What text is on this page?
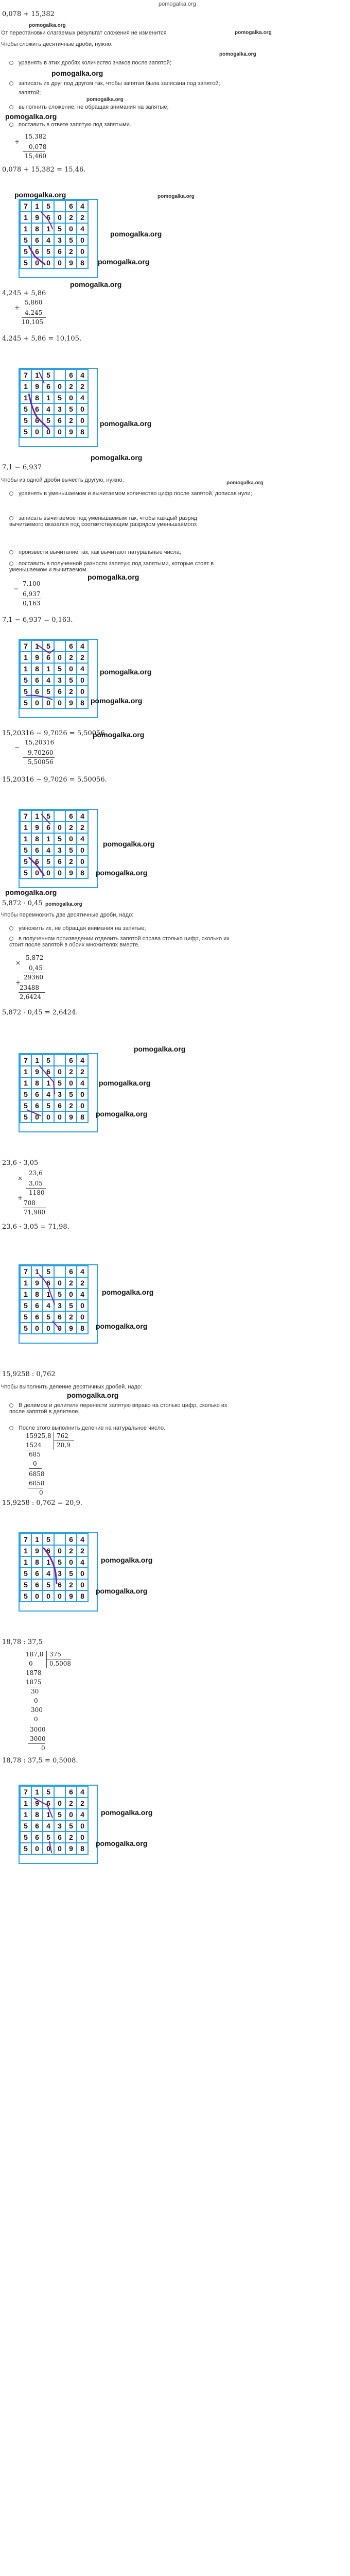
pomogalka.org
0,078 + 15,382
pomogalka.org
От перестановки слагаемых результат сложения не изменится	pomogalka.org
Чтобы сложить десятичные дроби, нужно:
pomogalka.org
уравнять в этих дробях количество знаков после запятой;
pomogalka.org
записать их друг под другом так, чтобы запятая была записана под запятой;
запятой;
pomogalka.org
выполнить сложение, не обращая внимания на запятые;
pomogalka.org
поставить в ответе запятую под запятыми.
15,382
+
0,078
15,460
0,078 + 15,382 = 15,46.
pomogalka.org	pomogalka.org
7	1	5		6	4
1	9	6	0	2	2
1	8	1	5	0	4
5	6	4	3	5	0
5	6	5	6	2	0
5	0	0	0	9	8
pomogalka.org
pomogalka.org
pomogalka.org
4,245 + 5,86
5,860
+
4,245
10,105
4,245 + 5,86 = 10,105.
7	1	5		6	4
1	9	6	0	2	2
1	8	1	5	0	4
5	6	4	3	5	0
5	6	5	6	2	0
5	0	0	0	9	8
pomogalka.org
pomogalka.org
7,1 − 6,937
Чтобы из одной дроби вычесть другую, нужно:	pomogalka.org
уравнять в уменьшаемом и вычитаемом количество цифр после запятой, дописав нули;
записать вычитаемое под уменьшаемым так, чтобы каждый разряд вычитаемого оказался под соответствующим разрядом уменьшаемого;
произвести вычитание так, как вычитают натуральные числа;
поставить в полученной разности запятую под запятыми, которые стоят в уменьшаемом и вычитаемом.
pomogalka.org
7,100
−
6,937
0,163
7,1 − 6,937 = 0,163.
7	1	5		6	4
1	9	6	0	2	2
1	8	1	5	0	4
5	6	4	3	5	0
5	6	5	6	2	0
5	0	0	0	9	8
pomogalka.org
pomogalka.org
15,20316 − 9,7026 = 5,50056
pomogalka.org
15,20316
−
9,70260
5,50056
15,20316 − 9,7026 = 5,50056.
7	1	5		6	4
1	9	6	0	2	2
1	8	1	5	0	4
5	6	4	3	5	0
5	6	5	6	2	0
5	0	0	0	9	8
pomogalka.org
pomogalka.org
pomogalka.org
5,872 · 0,45 pomogalka.org
Чтобы перемножить две десятичные дроби, надо:
умножить их, не обращая внимания на запятые;
в полученном произведении отделить запятой справа столько цифр, сколько их стоит после запятой в обоих множителях вместе.
5,872
×
0,45
29360
+
23488
2,6424
5,872 · 0,45 = 2,6424.
pomogalka.org
7	1	5		6	4
1	9	6	0	2	2
1	8	1	5	0	4
5	6	4	3	5	0
5	6	5	6	2	0
5	0	0	0	9	8
pomogalka.org
pomogalka.org
23,6 · 3,05
23,6
×
3,05
1180
+
708
71,980
23,6 · 3,05 = 71,98.
7	1	5		6	4
1	9	6	0	2	2
1	8	1	5	0	4
5	6	4	3	5	0
5	6	5	6	2	0
5	0	0	0	9	8
pomogalka.org
pomogalka.org
15,9258 : 0,762
Чтобы выполнить деление десятичных дробей, надо:
pomogalka.org
В делимом и делителе перенести запятую вправо на столько цифр, сколько их после запятой в делителе.
После этого выполнить деление на натуральное число.
15925,8 762
20,9
1524
685
0
6858
6858
0
15,9258 : 0,762 = 20,9.
7	1	5		6	4
1	9	6	0	2	2
1	8	1	5	0	4
5	6	4	3	5	0
5	6	5	6	2	0
5	0	0	0	9	8
pomogalka.org
pomogalka.org
18,78 : 37,5
187,8 375
0,5008
0
1878
1875
30
0
300
0
3000
3000
0
18,78 : 37,5 = 0,5008.
7	1	5		6	4
1	9	6	0	2	2
1	8	1	5	0	4
5	6	4	3	5	0
5	6	5	6	2	0
5	0	0	0	9	8
pomogalka.org
pomogalka.org
